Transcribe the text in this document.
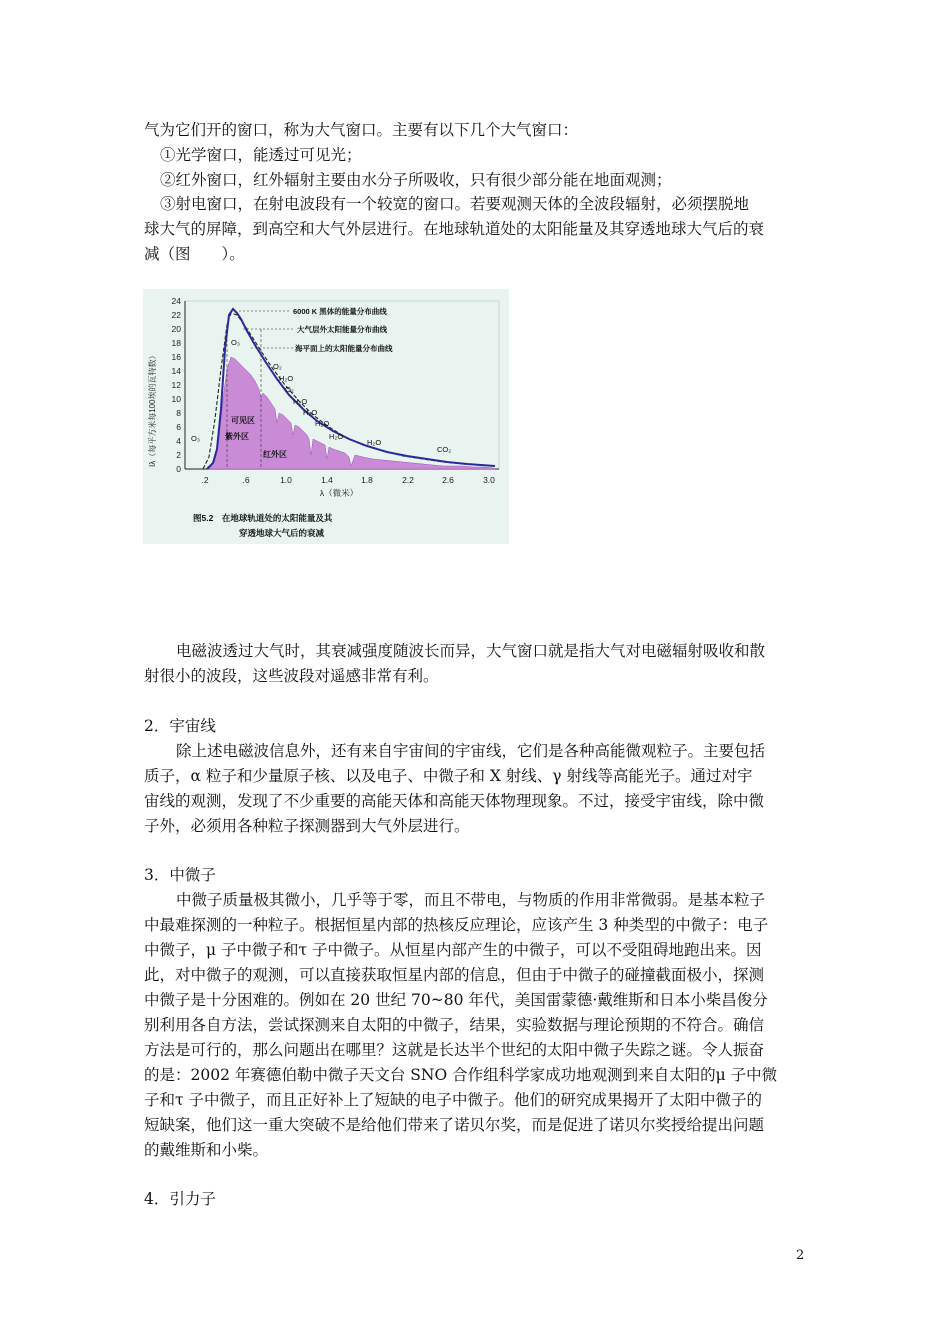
气为它们开的窗口，称为大气窗口。主要有以下几个大气窗口：

①光学窗口，能透过可见光；

②红外窗口，红外辐射主要由水分子所吸收，只有很少部分能在地面观测；

③射电窗口，在射电波段有一个较宽的窗口。若要观测天体的全波段辐射，必须摆脱地

球大气的屏障，到高空和大气外层进行。在地球轨道处的太阳能量及其穿透地球大气后的衰

减（图　　）。

0
2
4
6
8
10
12
14
16
18
20
22
24
Iλ（每平方米每100埃的瓦特数）
.2	.6	1.0	1.4	1.8	2.2	2.6	3.0
λ（微米）
6000 K 黑体的能量分布曲线
大气层外太阳能量分布曲线
海平面上的太阳能量分布曲线
O₃
O₃
O₂
H₂O
O₂
H₂O
H₂O
H₂O
H₂O
H₂O
CO₂
可见区
紫外区
红外区
图5.2　在地球轨道处的太阳能量及其
穿透地球大气后的衰减

电磁波透过大气时，其衰减强度随波长而异，大气窗口就是指大气对电磁辐射吸收和散

射很小的波段，这些波段对遥感非常有利。

2．宇宙线

除上述电磁波信息外，还有来自宇宙间的宇宙线，它们是各种高能微观粒子。主要包括

质子，α 粒子和少量原子核、以及电子、中微子和 X 射线、γ 射线等高能光子。通过对宇

宙线的观测，发现了不少重要的高能天体和高能天体物理现象。不过，接受宇宙线，除中微

子外，必须用各种粒子探测器到大气外层进行。

3．中微子

中微子质量极其微小，几乎等于零，而且不带电，与物质的作用非常微弱。是基本粒子

中最难探测的一种粒子。根据恒星内部的热核反应理论，应该产生 3 种类型的中微子：电子

中微子，μ 子中微子和τ 子中微子。从恒星内部产生的中微子，可以不受阻碍地跑出来。因

此，对中微子的观测，可以直接获取恒星内部的信息，但由于中微子的碰撞截面极小，探测

中微子是十分困难的。例如在 20 世纪 70~80 年代，美国雷蒙德·戴维斯和日本小柴昌俊分

别利用各自方法，尝试探测来自太阳的中微子，结果，实验数据与理论预期的不符合。确信

方法是可行的，那么问题出在哪里？这就是长达半个世纪的太阳中微子失踪之谜。令人振奋

的是：2002 年赛德伯勒中微子天文台 SNO 合作组科学家成功地观测到来自太阳的μ 子中微

子和τ 子中微子，而且正好补上了短缺的电子中微子。他们的研究成果揭开了太阳中微子的

短缺案，他们这一重大突破不是给他们带来了诺贝尔奖，而是促进了诺贝尔奖授给提出问题

的戴维斯和小柴。

4．引力子

2
